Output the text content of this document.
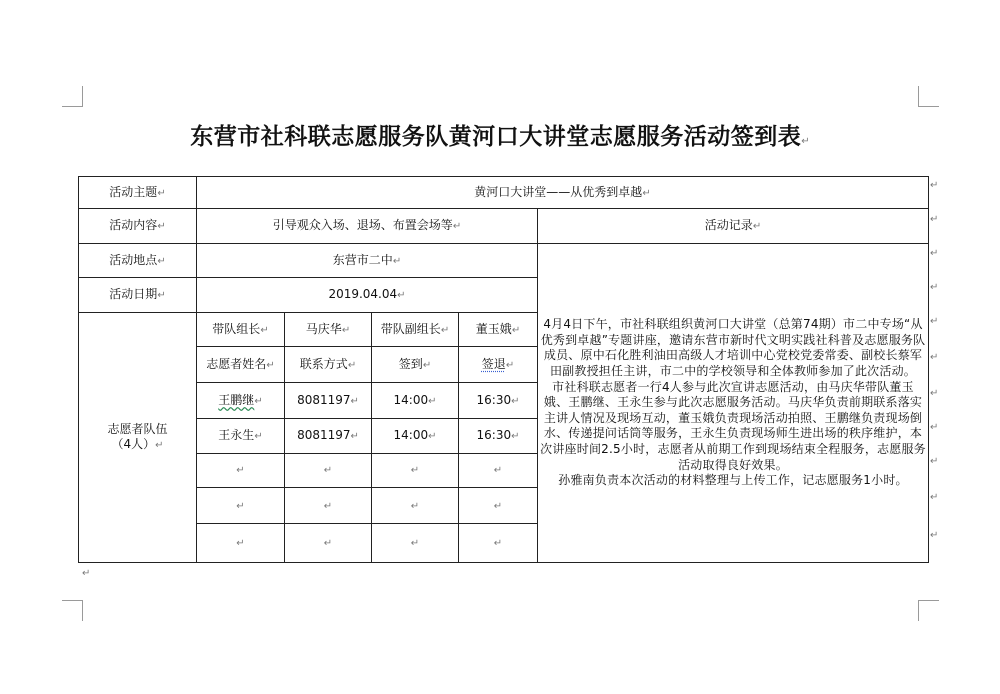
东营市社科联志愿服务队黄河口大讲堂志愿服务活动签到表↵
活动主题↵	黄河口大讲堂——从优秀到卓越↵				
活动内容↵	引导观众入场、退场、布置会场等↵				活动记录↵
活动地点↵	东营市二中↵				4月4日下午，市社科联组织黄河口大讲堂（总第74期）市二中专场“从优秀到卓越”专题讲座，邀请东营市新时代文明实践社科普及志愿服务队成员、原中石化胜利油田高级人才培训中心党校党委常委、副校长蔡军田副教授担任主讲，市二中的学校领导和全体教师参加了此次活动。

市社科联志愿者一行4人参与此次宣讲志愿活动，由马庆华带队董玉娥、王鹏继、王永生参与此次志愿服务活动。马庆华负责前期联系落实主讲人情况及现场互动，董玉娥负责现场活动拍照、王鹏继负责现场倒水、传递提问话筒等服务，王永生负责现场师生进出场的秩序维护，本次讲座时间2.5小时，志愿者从前期工作到现场结束全程服务，志愿服务活动取得良好效果。

孙雅南负责本次活动的材料整理与上传工作，记志愿服务1小时。

活动日期↵	2019.04.04↵				
志愿者队伍
（4人）↵	带队组长↵	马庆华↵	带队副组长↵	董玉娥↵	
	志愿者姓名↵	联系方式↵	签到↵	签退↵	
	王鹏继↵	8081197↵	14:00↵	16:30↵	
	王永生↵	8081197↵	14:00↵	16:30↵	
	↵	↵	↵	↵	
	↵	↵	↵	↵	
	↵	↵	↵	↵	
↵
↵
↵
↵
↵
↵
↵
↵
↵
↵
↵
↵
